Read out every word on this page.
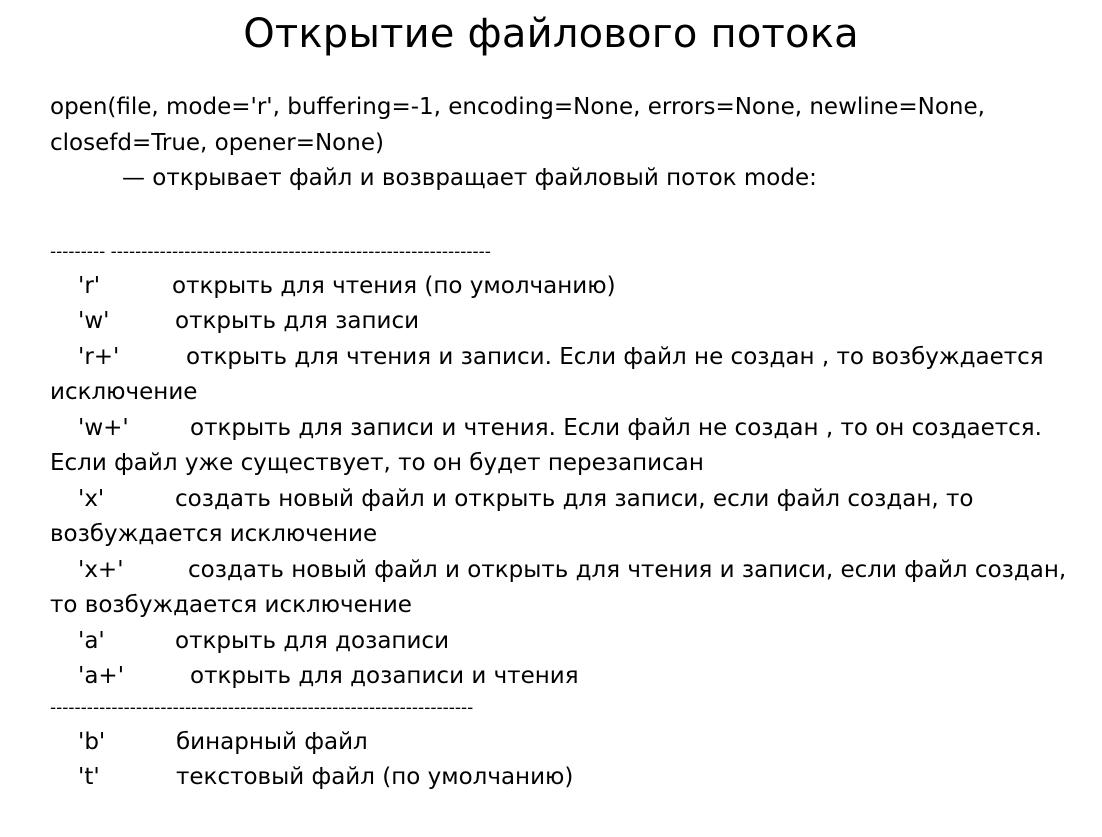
Открытие файлового потока
open(file, mode='r', buffering=-1, encoding=None, errors=None, newline=None,
closefd=True, opener=None)
— открывает файл и возвращает файловый поток mode:
--------- --------------------------------------------------------------
'r'	открыть для чтения (по умолчанию)
'w'	открыть для записи
'r+'	открыть для чтения и записи. Если файл не создан , то возбуждается
исключение
'w+'	открыть для записи и чтения. Если файл не создан , то он создается.
Если файл уже существует, то он будет перезаписан
'x'	создать новый файл и открыть для записи, если файл создан, то
возбуждается исключение
'x+'	создать новый файл и открыть для чтения и записи, если файл создан,
то возбуждается исключение
'a'	открыть для дозаписи
'a+'	открыть для дозаписи и чтения
---------------------------------------------------------------------
'b'	бинарный файл
't'	текстовый файл (по умолчанию)
